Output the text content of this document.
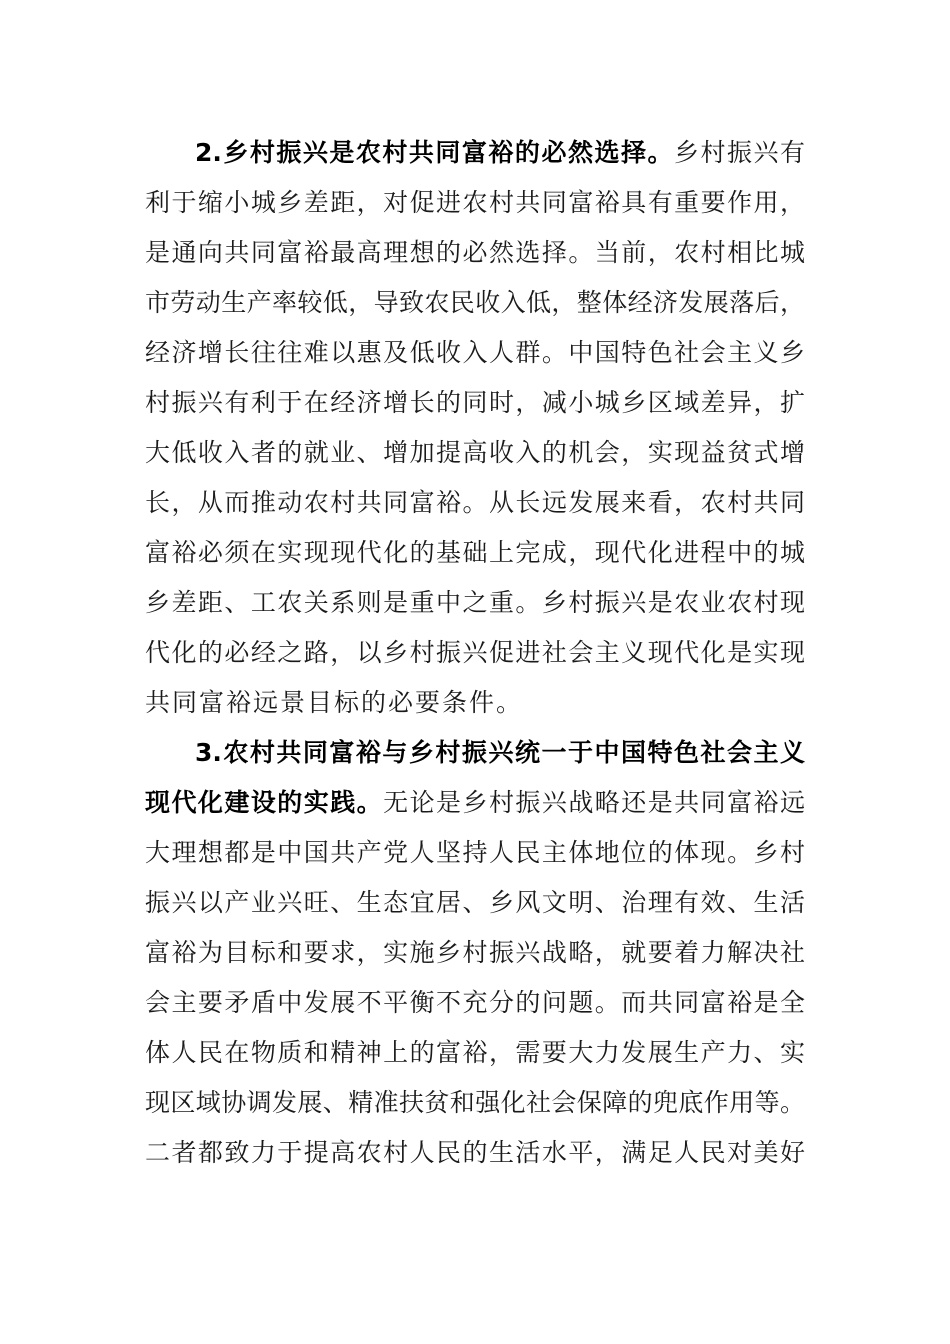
2.乡村振兴是农村共同富裕的必然选择。乡村振兴有
利于缩小城乡差距，对促进农村共同富裕具有重要作用，
是通向共同富裕最高理想的必然选择。当前，农村相比城
市劳动生产率较低，导致农民收入低，整体经济发展落后，
经济增长往往难以惠及低收入人群。中国特色社会主义乡
村振兴有利于在经济增长的同时，减小城乡区域差异，扩
大低收入者的就业、增加提高收入的机会，实现益贫式增
长，从而推动农村共同富裕。从长远发展来看，农村共同
富裕必须在实现现代化的基础上完成，现代化进程中的城
乡差距、工农关系则是重中之重。乡村振兴是农业农村现
代化的必经之路，以乡村振兴促进社会主义现代化是实现
共同富裕远景目标的必要条件。
3.农村共同富裕与乡村振兴统一于中国特色社会主义
现代化建设的实践。无论是乡村振兴战略还是共同富裕远
大理想都是中国共产党人坚持人民主体地位的体现。乡村
振兴以产业兴旺、生态宜居、乡风文明、治理有效、生活
富裕为目标和要求，实施乡村振兴战略，就要着力解决社
会主要矛盾中发展不平衡不充分的问题。而共同富裕是全
体人民在物质和精神上的富裕，需要大力发展生产力、实
现区域协调发展、精准扶贫和强化社会保障的兜底作用等。
二者都致力于提高农村人民的生活水平，满足人民对美好
